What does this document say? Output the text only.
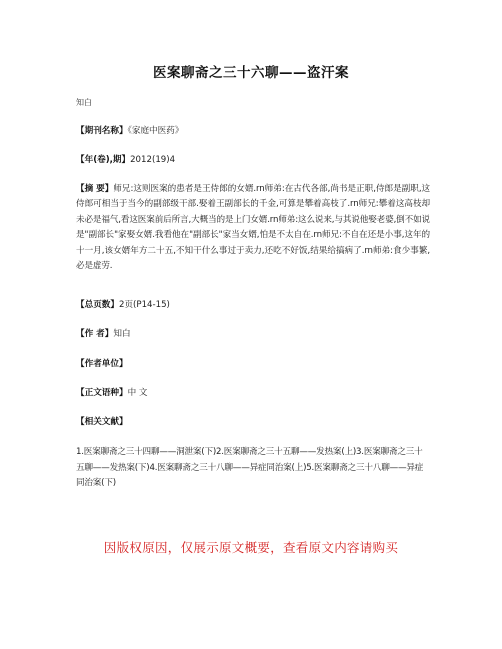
医案聊斋之三十六聊——盗汗案
知白
【期刊名称】《家庭中医药》
【年(卷),期】2012(19)4
【摘 要】师兄:这则医案的患者是王侍郎的女婿.rn师弟:在古代各部,尚书是正职,侍郎是副职,这侍郎可相当于当今的副部级干部.娶着王副部长的千金,可算是攀着高枝了.rn师兄:攀着这高枝却未必是福气,看这医案前后所言,大概当的是上门女婿.rn师弟:这么说来,与其说他娶老婆,倒不如说是"副部长"家娶女婿.我看他在"副部长"家当女婿,怕是不太自在.rn师兄:不自在还是小事,这年的十一月,该女婿年方二十五,不知干什么事过于卖力,还吃不好饭,结果给搞病了.rn师弟:食少事繁,必是虚劳.
【总页数】2页(P14-15)
【作 者】知白
【作者单位】
【正文语种】中 文
【相关文献】
1.医案聊斋之三十四聊——洞泄案(下)2.医案聊斋之三十五聊——发热案(上)3.医案聊斋之三十五聊——发热案(下)4.医案聊斋之三十八聊——异症同治案(上)5.医案聊斋之三十八聊——异症同治案(下)
因版权原因，仅展示原文概要，查看原文内容请购买
